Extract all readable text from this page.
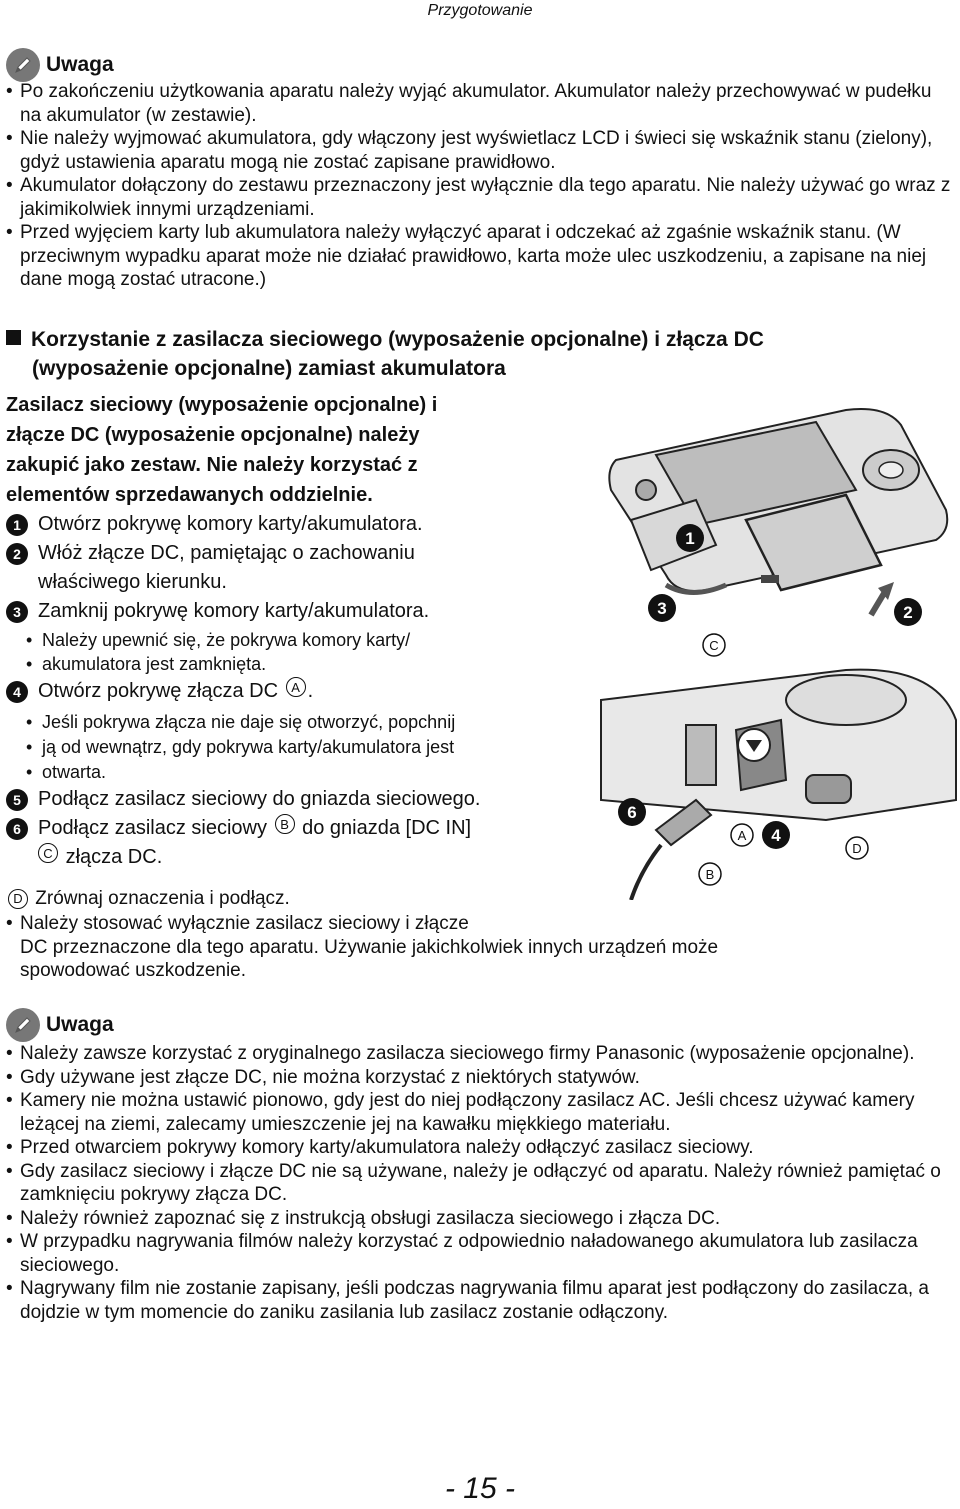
Przygotowanie
Uwaga
• Po zakończeniu użytkowania aparatu należy wyjąć akumulator. Akumulator należy przechowywać w pudełku na akumulator (w zestawie).
• Nie należy wyjmować akumulatora, gdy włączony jest wyświetlacz LCD i świeci się wskaźnik stanu (zielony), gdyż ustawienia aparatu mogą nie zostać zapisane prawidłowo.
• Akumulator dołączony do zestawu przeznaczony jest wyłącznie dla tego aparatu. Nie należy używać go wraz z jakimikolwiek innymi urządzeniami.
• Przed wyjęciem karty lub akumulatora należy wyłączyć aparat i odczekać aż zgaśnie wskaźnik stanu. (W przeciwnym wypadku aparat może nie działać prawidłowo, karta może ulec uszkodzeniu, a zapisane na niej dane mogą zostać utracone.)
Korzystanie z zasilacza sieciowego (wyposażenie opcjonalne) i złącza DC
(wyposażenie opcjonalne) zamiast akumulatora
Zasilacz sieciowy (wyposażenie opcjonalne) i
złącze DC (wyposażenie opcjonalne) należy
zakupić jako zestaw. Nie należy korzystać z
elementów sprzedawanych oddzielnie.
1 Otwórz pokrywę komory karty/akumulatora.
2 Włóż złącze DC, pamiętając o zachowaniu
właściwego kierunku.
3 Zamknij pokrywę komory karty/akumulatora.
• Należy upewnić się, że pokrywa komory karty/
• akumulatora jest zamknięta.
4 Otwórz pokrywę złącza DC
	A .
• Jeśli pokrywa złącza nie daje się otworzyć, popchnij
• ją od wewnątrz, gdy pokrywa karty/akumulatora jest
• otwarta.
5 Podłącz zasilacz sieciowy do gniazda sieciowego.
6 Podłącz zasilacz sieciowy
	B
do gniazda [DC IN]
C
złącza DC.
D Zrównaj oznaczenia i podłącz.
• Należy stosować wyłącznie zasilacz sieciowy i złącze
DC przeznaczone dla tego aparatu. Używanie jakichkolwiek innych urządzeń może
spowodować uszkodzenie.
1
3	2
6
4
C
A
D
B
Uwaga
• Należy zawsze korzystać z oryginalnego zasilacza sieciowego firmy Panasonic (wyposażenie opcjonalne).
• Gdy używane jest złącze DC, nie można korzystać z niektórych statywów.
• Kamery nie można ustawić pionowo, gdy jest do niej podłączony zasilacz AC. Jeśli chcesz używać kamery leżącej na ziemi, zalecamy umieszczenie jej na kawałku miękkiego materiału.
• Przed otwarciem pokrywy komory karty/akumulatora należy odłączyć zasilacz sieciowy.
• Gdy zasilacz sieciowy i złącze DC nie są używane, należy je odłączyć od aparatu. Należy również pamiętać o zamknięciu pokrywy złącza DC.
• Należy również zapoznać się z instrukcją obsługi zasilacza sieciowego i złącza DC.
• W przypadku nagrywania filmów należy korzystać z odpowiednio naładowanego akumulatora lub zasilacza sieciowego.
• Nagrywany film nie zostanie zapisany, jeśli podczas nagrywania filmu aparat jest podłączony do zasilacza, a dojdzie w tym momencie do zaniku zasilania lub zasilacz zostanie odłączony.
- 15 -
